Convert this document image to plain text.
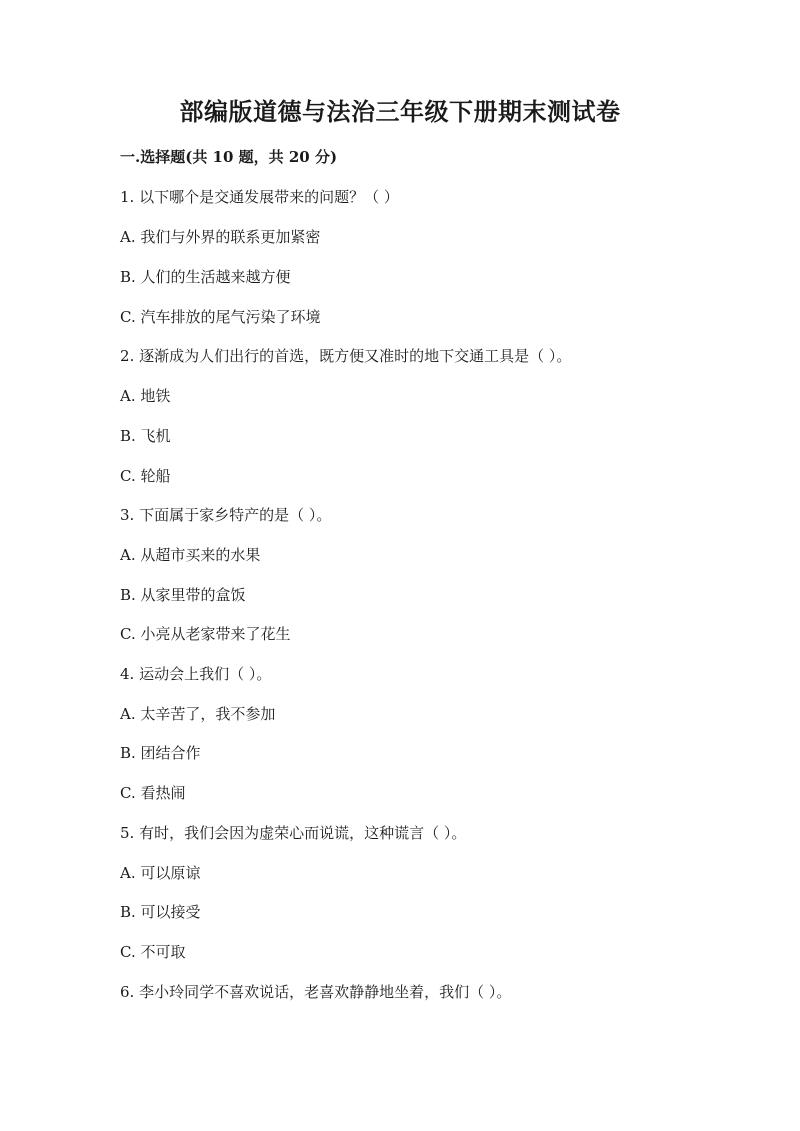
部编版道德与法治三年级下册期末测试卷
一.选择题(共 10 题，共 20 分)
1. 以下哪个是交通发展带来的问题？（ ）
A. 我们与外界的联系更加紧密
B. 人们的生活越来越方便
C. 汽车排放的尾气污染了环境
2. 逐渐成为人们出行的首选，既方便又准时的地下交通工具是（ ）。
A. 地铁
B. 飞机
C. 轮船
3. 下面属于家乡特产的是（ ）。
A. 从超市买来的水果
B. 从家里带的盒饭
C. 小亮从老家带来了花生
4. 运动会上我们（ ）。
A. 太辛苦了，我不参加
B. 团结合作
C. 看热闹
5. 有时，我们会因为虚荣心而说谎，这种谎言（ ）。
A. 可以原谅
B. 可以接受
C. 不可取
6. 李小玲同学不喜欢说话，老喜欢静静地坐着，我们（ ）。
